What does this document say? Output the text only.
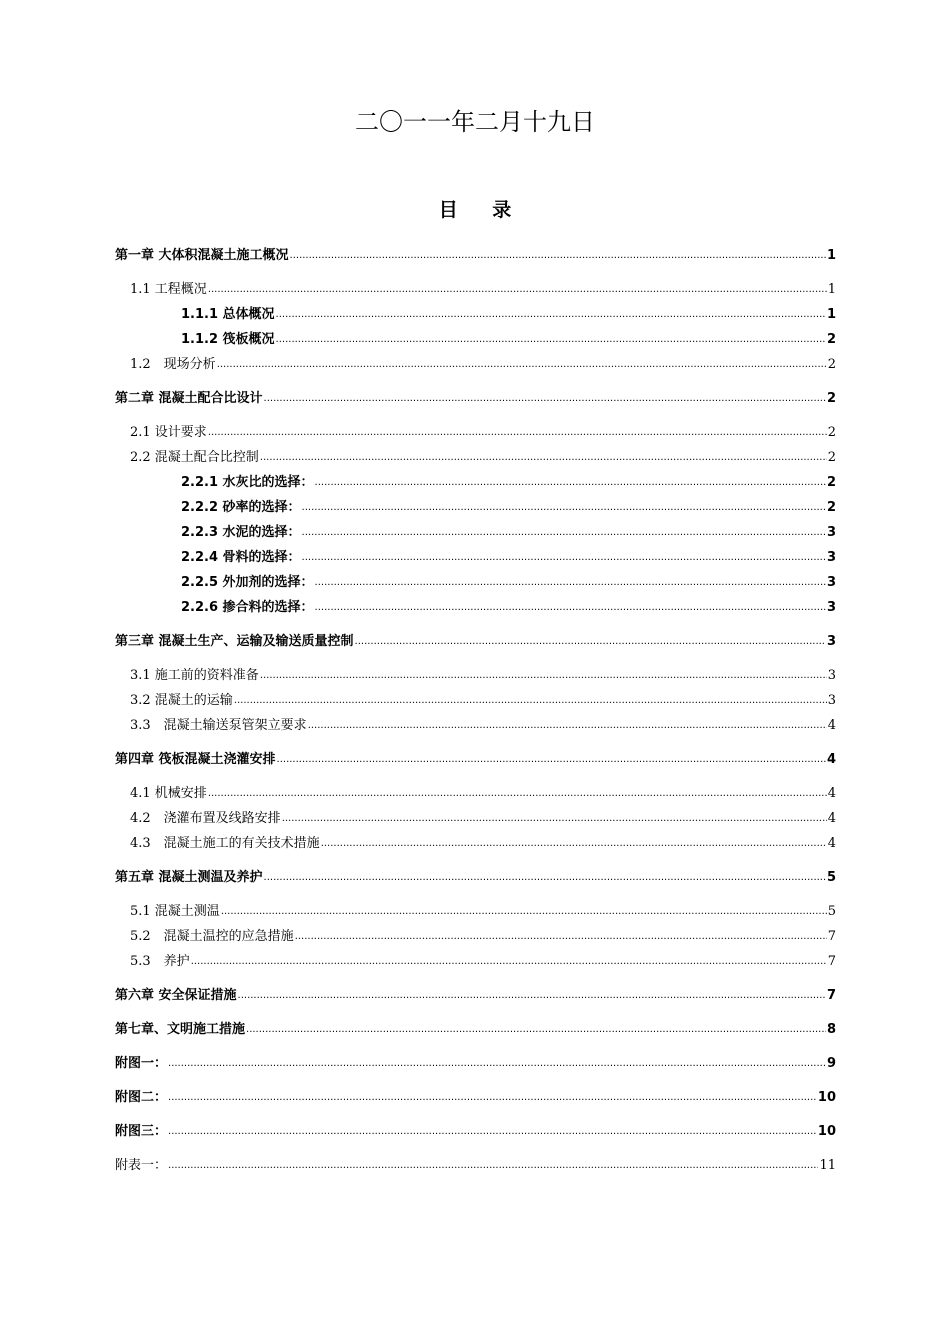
二〇一一年二月十九日
目 录
第一章 大体积混凝土施工概况 .....	1
1.1 工程概况 .....	1
1.1.1 总体概况 .....	1
1.1.2 筏板概况 .....	2
1.2　现场分析 .....	2
第二章 混凝土配合比设计 .....	2
2.1 设计要求 .....	2
2.2 混凝土配合比控制 .....	2
2.2.1 水灰比的选择： .....	2
2.2.2 砂率的选择： .....	2
2.2.3 水泥的选择： .....	3
2.2.4 骨料的选择： .....	3
2.2.5 外加剂的选择： .....	3
2.2.6 掺合料的选择： .....	3
第三章 混凝土生产、运输及输送质量控制 .....	3
3.1 施工前的资料准备 .....	3
3.2 混凝土的运输 .....	3
3.3　混凝土输送泵管架立要求 .....	4
第四章 筏板混凝土浇灌安排 .....	4
4.1 机械安排 .....	4
4.2　浇灌布置及线路安排 .....	4
4.3　混凝土施工的有关技术措施 .....	4
第五章 混凝土测温及养护 .....	5
5.1 混凝土测温 .....	5
5.2　混凝土温控的应急措施 .....	7
5.3　养护 .....	7
第六章 安全保证措施 .....	7
第七章、文明施工措施 .....	8
附图一： .....	9
附图二： .....	10
附图三： .....	10
附表一： .....	11
